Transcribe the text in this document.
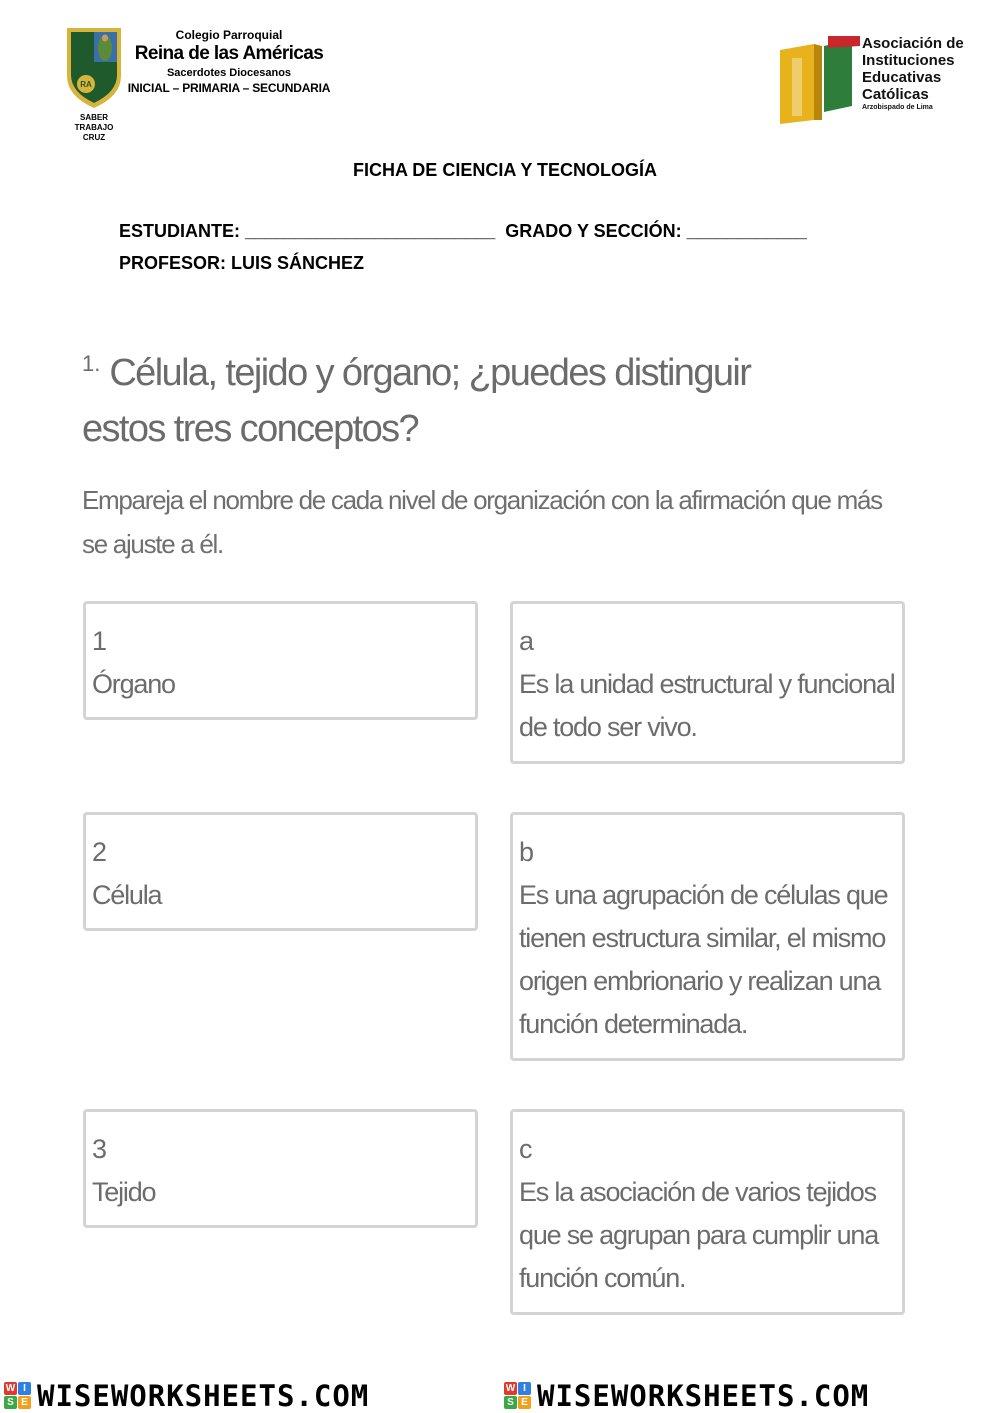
RA
Colegio Parroquial
Reina de las Américas
Sacerdotes Diocesanos
INICIAL – PRIMARIA – SECUNDARIA
SABER
TRABAJO
CRUZ
Asociación de
Instituciones
Educativas
Católicas
Arzobispado de Lima
FICHA DE CIENCIA Y TECNOLOGÍA
ESTUDIANTE: _________________________  GRADO Y SECCIÓN: ____________
PROFESOR: LUIS SÁNCHEZ
$^{1.}$ Célula, tejido y órgano; ¿puedes distinguir estos tres conceptos?
Empareja el nombre de cada nivel de organización con la afirmación que más se ajuste a él.
1
Órgano
2
Célula
3
Tejido
a
Es la unidad estructural y funcional de todo ser vivo.
b
Es una agrupación de células que tienen estructura similar, el mismo origen embrionario y realizan una función determinada.
c
Es la asociación de varios tejidos que se agrupan para cumplir una función común.
W I
S E WISEWORKSHEETS.COM	W I
S E WISEWORKSHEETS.COM
